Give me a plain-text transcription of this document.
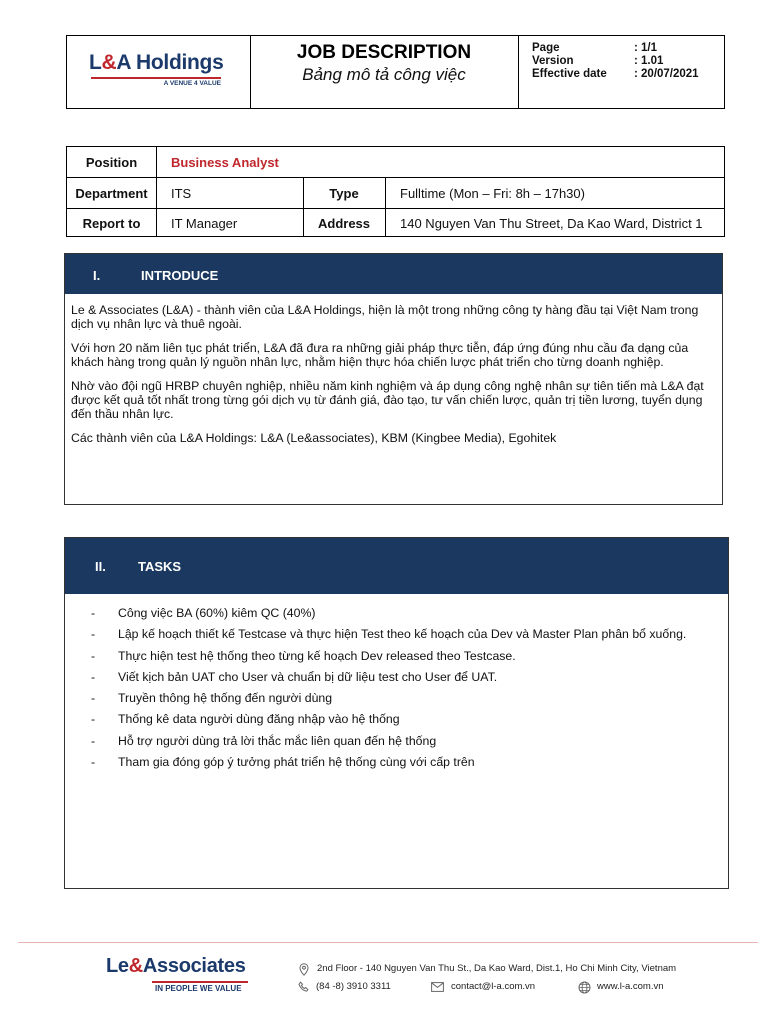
L&A Holdings
A VENUE 4 VALUE
JOB DESCRIPTION
Bảng mô tả công việc
Page	: 1/1
Version	: 1.01
Effective date : 20/07/2021
Position	Business Analyst
Department	ITS	Type	Fulltime (Mon – Fri: 8h – 17h30)
Report to	IT Manager	Address	140 Nguyen Van Thu Street, Da Kao Ward, District 1
I.	INTRODUCE

Le & Associates (L&A) - thành viên của L&A Holdings, hiện là một trong những công ty hàng đầu tại Việt Nam trong dịch vụ nhân lực và thuê ngoài.

Với hơn 20 năm liên tục phát triển, L&A đã đưa ra những giải pháp thực tiễn, đáp ứng đúng nhu cầu đa dạng của khách hàng trong quản lý nguồn nhân lực, nhằm hiện thực hóa chiến lược phát triển cho từng doanh nghiệp.

Nhờ vào đội ngũ HRBP chuyên nghiệp, nhiều năm kinh nghiệm và áp dụng công nghệ nhân sự tiên tiến mà L&A đạt được kết quả tốt nhất trong từng gói dịch vụ từ đánh giá, đào tạo, tư vấn chiến lược, quản trị tiền lương, tuyển dụng đến thầu nhân lực.

Các thành viên của L&A Holdings: L&A (Le&associates), KBM (Kingbee Media), Egohitek

II. TASKS
- Công việc BA (60%) kiêm QC (40%)
- Lập kế hoạch thiết kế Testcase và thực hiện Test theo kế hoạch của Dev và Master Plan phân bổ xuống.
- Thực hiện test hệ thống theo từng kế hoạch Dev released theo Testcase.
- Viết kịch bản UAT cho User và chuẩn bị dữ liệu test cho User để UAT.
- Truyền thông hệ thống đến người dùng
- Thống kê data người dùng đăng nhập vào hệ thống
- Hỗ trợ người dùng trả lời thắc mắc liên quan đến hệ thống
- Tham gia đóng góp ý tưởng phát triển hệ thống cùng với cấp trên
Le&Associates
IN PEOPLE WE VALUE
2nd Floor - 140 Nguyen Van Thu St., Da Kao Ward, Dist.1, Ho Chi Minh City, Vietnam
(84 -8) 3910 3311	contact@l-a.com.vn	www.l-a.com.vn
